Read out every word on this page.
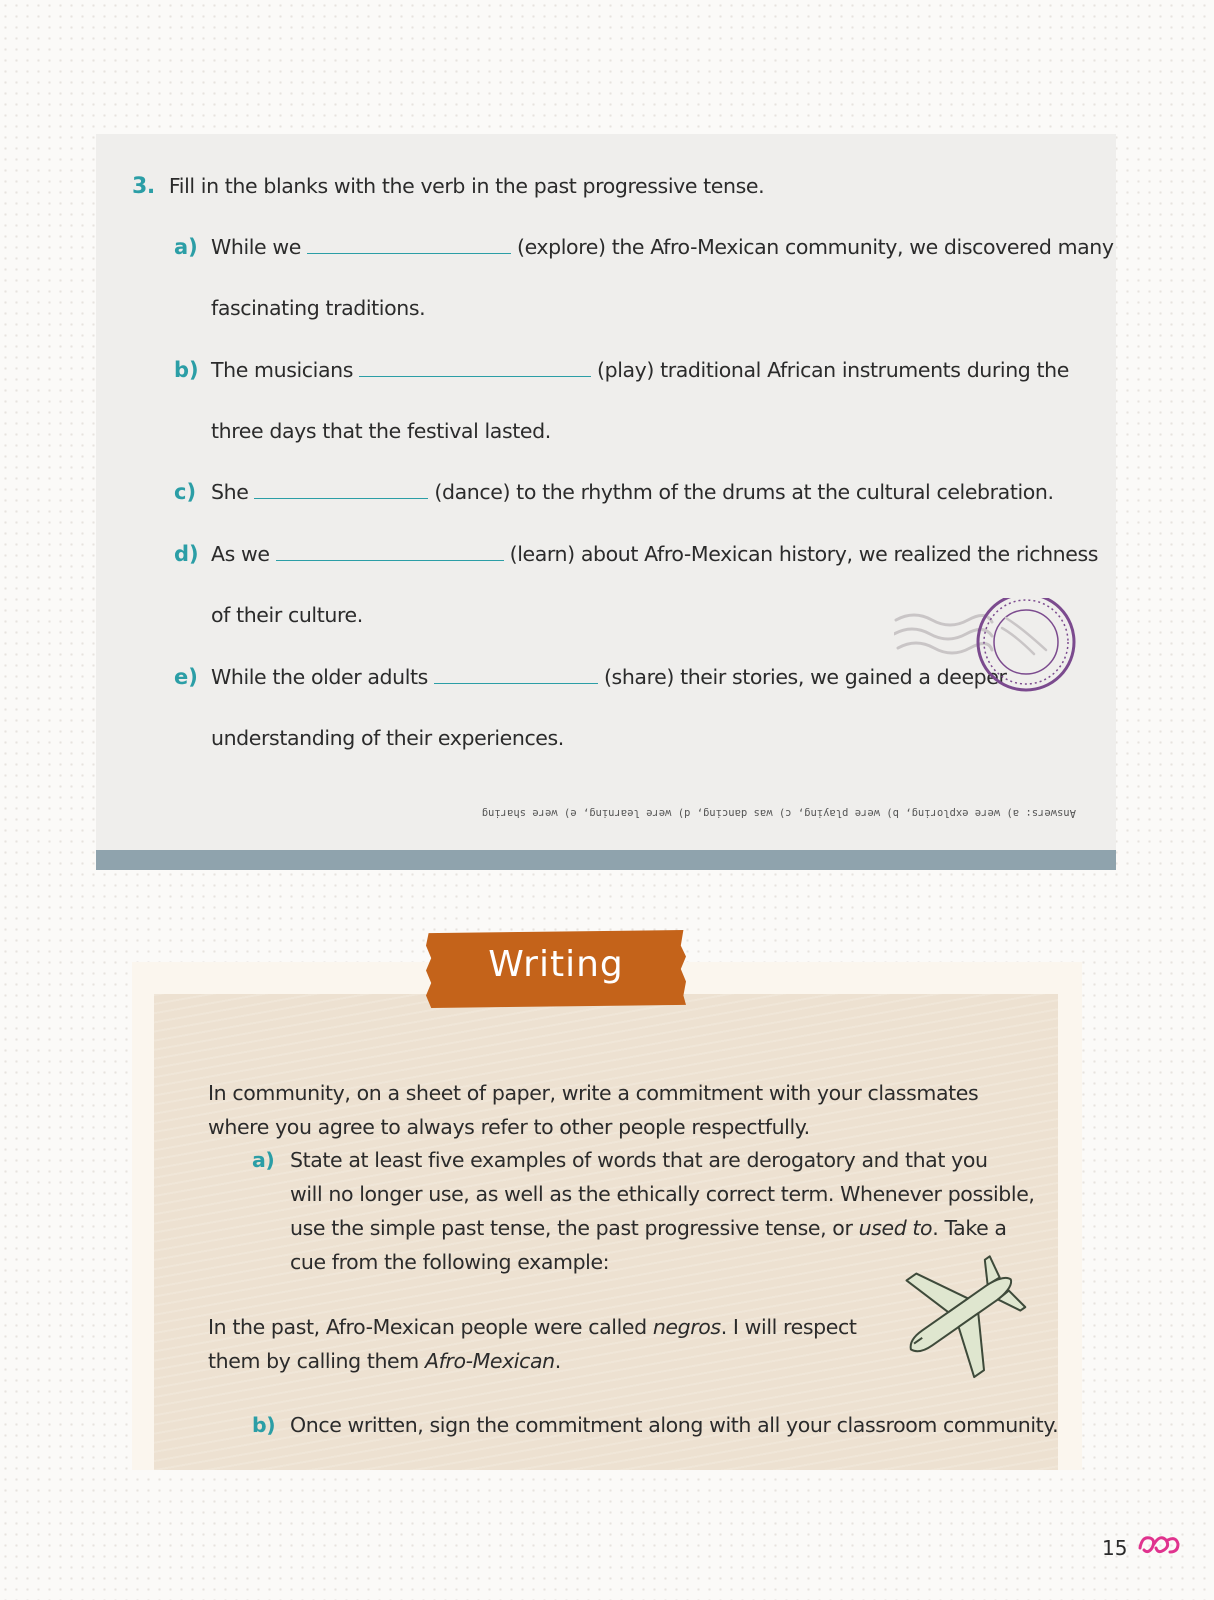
3. Fill in the blanks with the verb in the past progressive tense.
a) While we	(explore) the Afro-Mexican community, we discovered many
fascinating traditions.
b) The musicians	(play) traditional African instruments during the
three days that the festival lasted.
c) She	(dance) to the rhythm of the drums at the cultural celebration.
d) As we	(learn) about Afro-Mexican history, we realized the richness
of their culture.
e) While the older adults	(share) their stories, we gained a deeper
understanding of their experiences.
Answers: a) were exploring, b) were playing, c) was dancing, d) were learning, e) were sharing
Writing
In community, on a sheet of paper, write a commitment with your classmates
where you agree to always refer to other people respectfully.
a) State at least five examples of words that are derogatory and that you
will no longer use, as well as the ethically correct term. Whenever possible,
use the simple past tense, the past progressive tense, or used to. Take a
cue from the following example:
In the past, Afro-Mexican people were called negros. I will respect
them by calling them Afro-Mexican.
b) Once written, sign the commitment along with all your classroom community.
15
